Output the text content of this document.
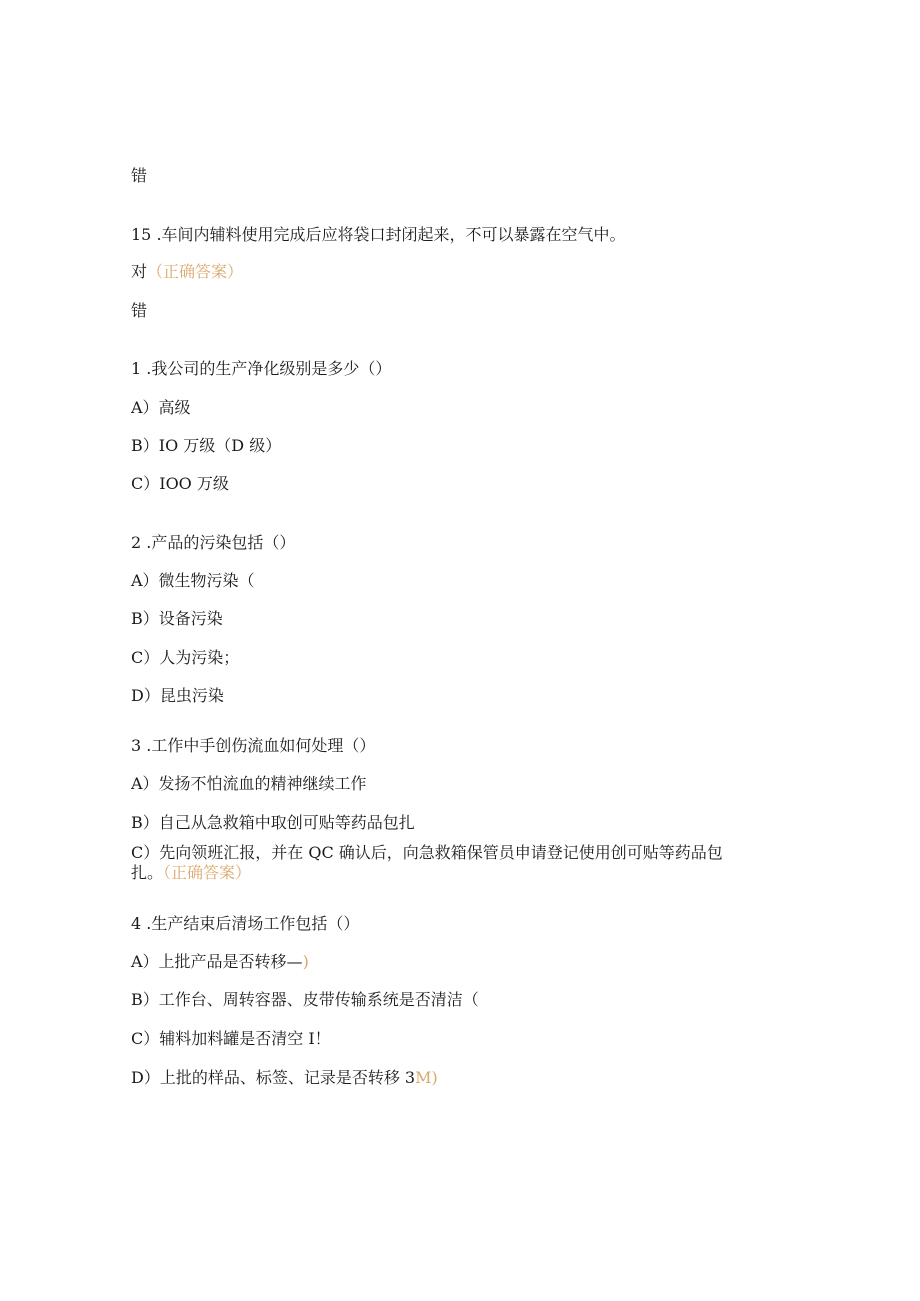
错
15 .车间内辅料使用完成后应将袋口封闭起来，不可以暴露在空气中。
对（正确答案）
错
1 .我公司的生产净化级别是多少（）
A）高级
B）IO 万级（D 级）
C）IOO 万级
2 .产品的污染包括（）
A）微生物污染（
B）设备污染
C）人为污染；
D）昆虫污染
3 .工作中手创伤流血如何处理（）
A）发扬不怕流血的精神继续工作
B）自己从急救箱中取创可贴等药品包扎
C）先向领班汇报，并在 QC 确认后，向急救箱保管员申请登记使用创可贴等药品包
扎。（正确答案）
4 .生产结束后清场工作包括（）
A）上批产品是否转移—)
B）工作台、周转容器、皮带传输系统是否清洁（
C）辅料加料罐是否清空 I！
D）上批的样品、标签、记录是否转移 3M)
